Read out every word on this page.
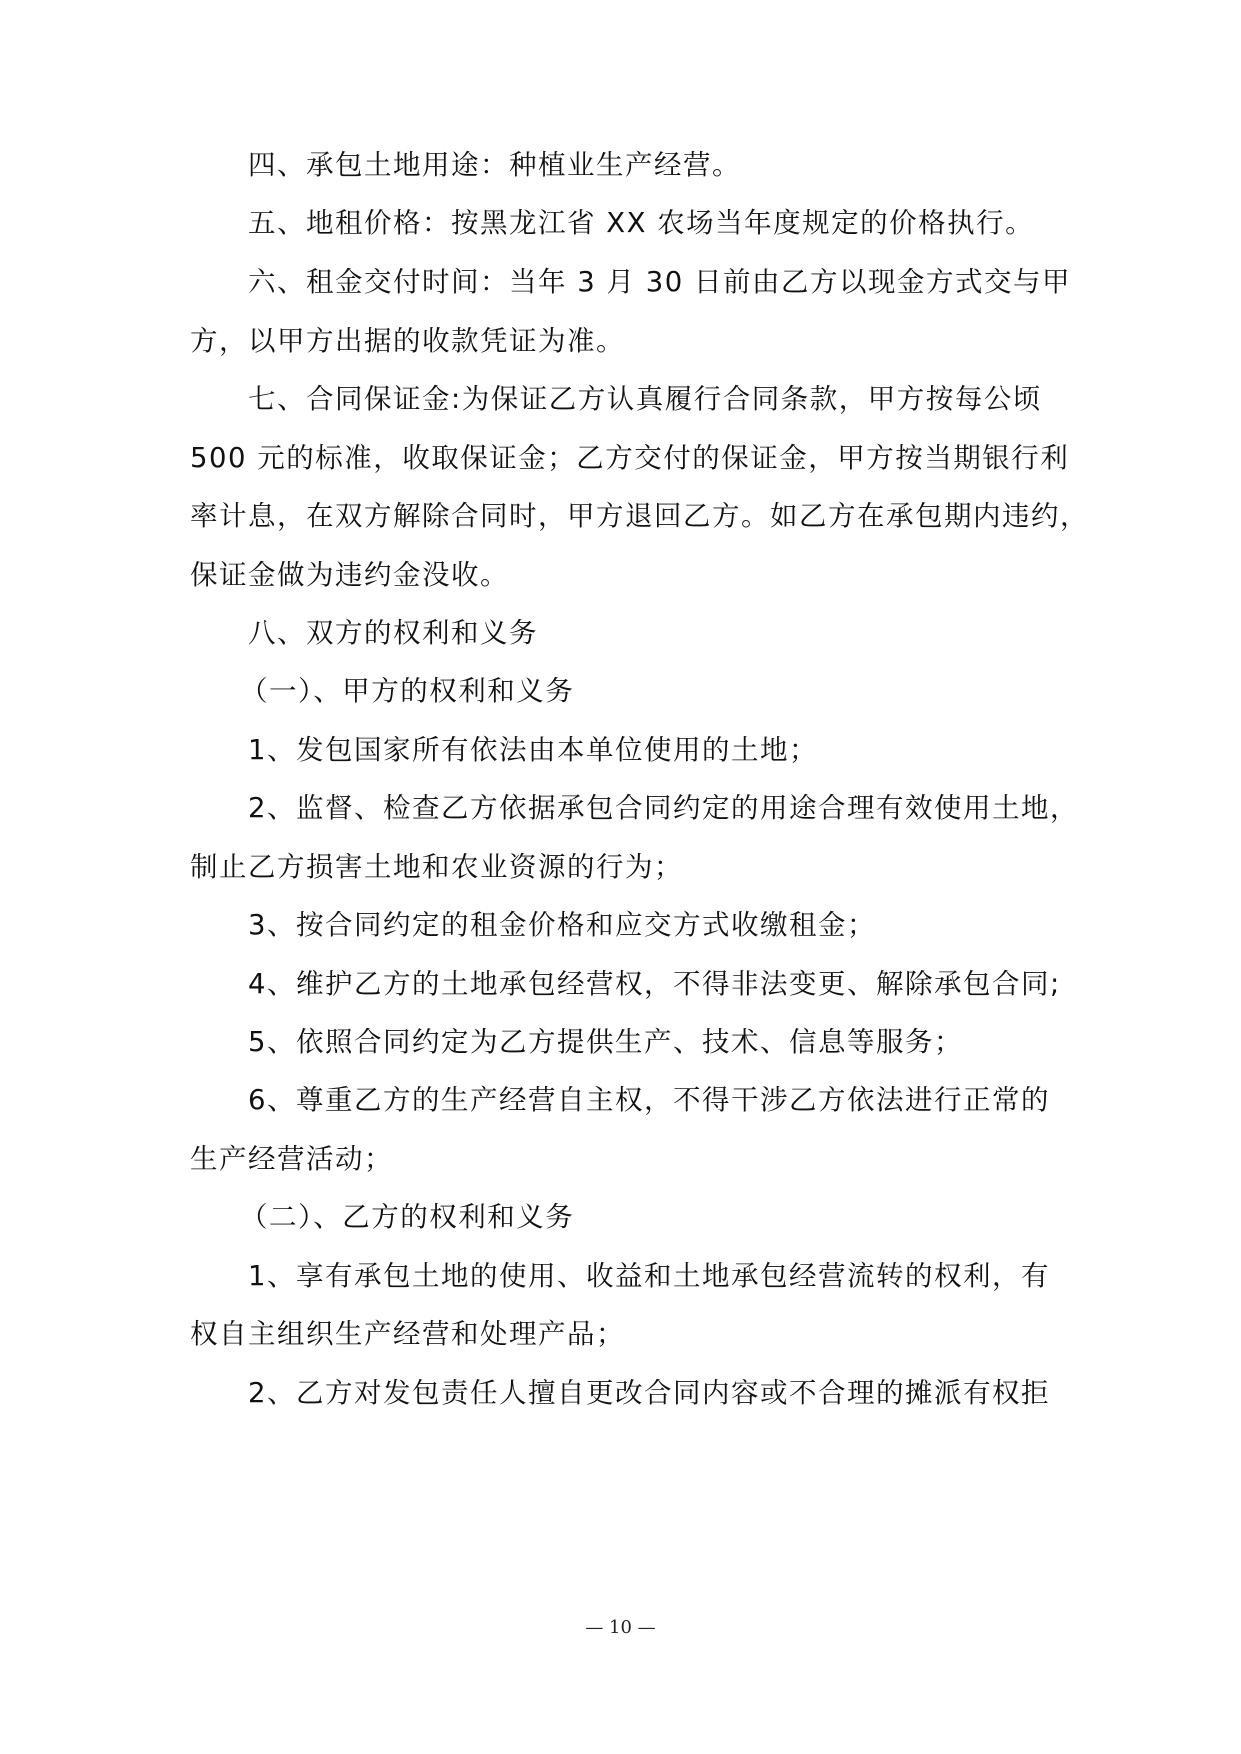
四、承包土地用途：种植业生产经营。
五、地租价格：按黑龙江省 XX 农场当年度规定的价格执行。
六、租金交付时间：当年 3 月 30 日前由乙方以现金方式交与甲
方，以甲方出据的收款凭证为准。
七、合同保证金:为保证乙方认真履行合同条款，甲方按每公顷
500 元的标准，收取保证金；乙方交付的保证金，甲方按当期银行利
率计息，在双方解除合同时，甲方退回乙方。如乙方在承包期内违约，
保证金做为违约金没收。
八、双方的权利和义务
（一）、甲方的权利和义务
1、发包国家所有依法由本单位使用的土地；
2、监督、检查乙方依据承包合同约定的用途合理有效使用土地，
制止乙方损害土地和农业资源的行为；
3、按合同约定的租金价格和应交方式收缴租金；
4、维护乙方的土地承包经营权，不得非法变更、解除承包合同;
5、依照合同约定为乙方提供生产、技术、信息等服务；
6、尊重乙方的生产经营自主权，不得干涉乙方依法进行正常的
生产经营活动；
（二）、乙方的权利和义务
1、享有承包土地的使用、收益和土地承包经营流转的权利，有
权自主组织生产经营和处理产品；
2、乙方对发包责任人擅自更改合同内容或不合理的摊派有权拒
— 10 —
